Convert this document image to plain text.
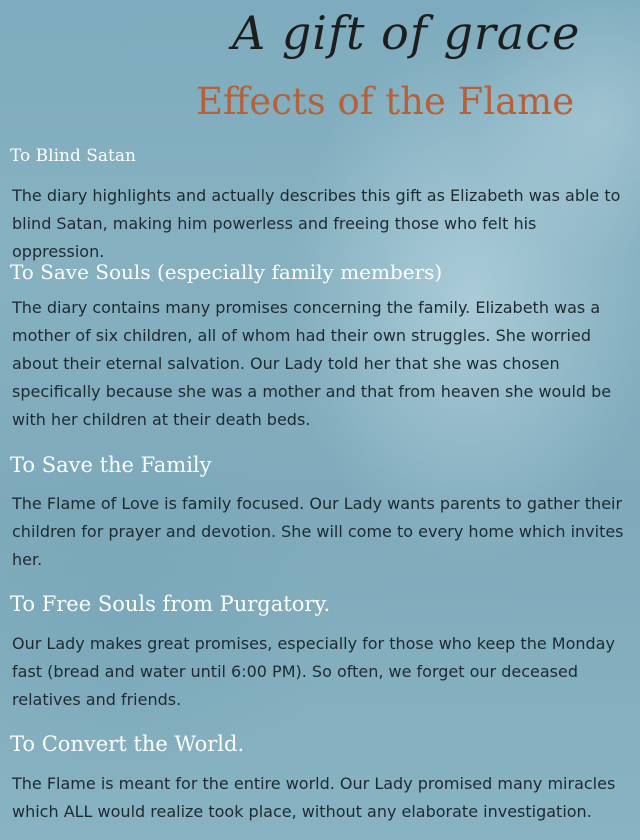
A gift of grace
Effects of the Flame
To Blind Satan

The diary highlights and actually describes this gift as Elizabeth was able to blind Satan, making him powerless and freeing those who felt his oppression.

To Save Souls (especially family members)

The diary contains many promises concerning the family. Elizabeth was a mother of six children, all of whom had their own struggles. She worried about their eternal salvation. Our Lady told her that she was chosen specifically because she was a mother and that from heaven she would be with her children at their death beds.

To Save the Family

The Flame of Love is family focused. Our Lady wants parents to gather their children for prayer and devotion. She will come to every home which invites her.

To Free Souls from Purgatory.

Our Lady makes great promises, especially for those who keep the Monday fast (bread and water until 6:00 PM). So often, we forget our deceased relatives and friends.

To Convert the World.

The Flame is meant for the entire world. Our Lady promised many miracles which ALL would realize took place, without any elaborate investigation.
